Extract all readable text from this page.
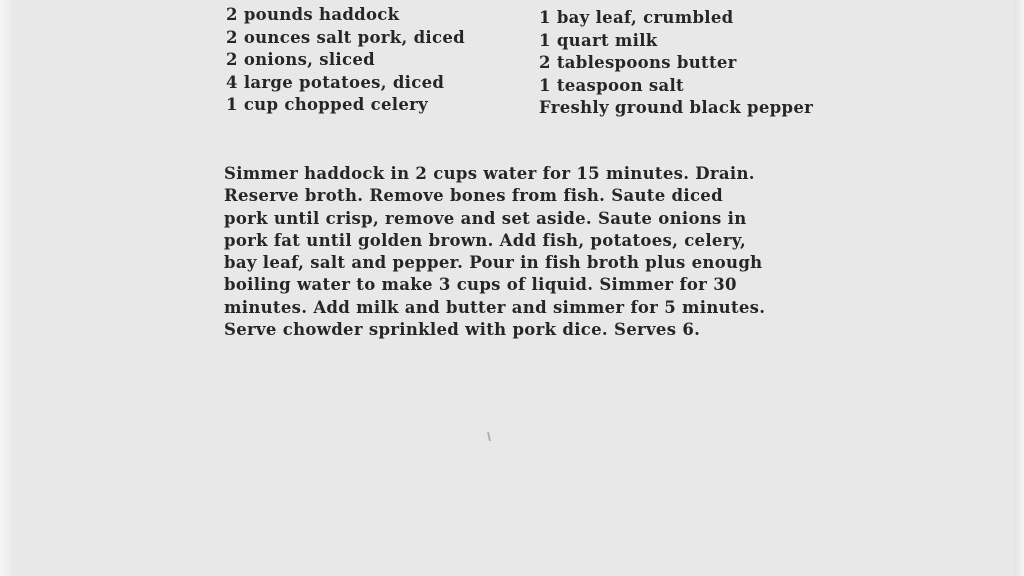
2 pounds haddock
2 ounces salt pork, diced
2 onions, sliced
4 large potatoes, diced
1 cup chopped celery
1 bay leaf, crumbled
1 quart milk
2 tablespoons butter
1 teaspoon salt
Freshly ground black pepper
Simmer haddock in 2 cups water for 15 minutes. Drain.
Reserve broth. Remove bones from fish. Saute diced
pork until crisp, remove and set aside. Saute onions in
pork fat until golden brown. Add fish, potatoes, celery,
bay leaf, salt and pepper. Pour in fish broth plus enough
boiling water to make 3 cups of liquid. Simmer for 30
minutes. Add milk and butter and simmer for 5 minutes.
Serve chowder sprinkled with pork dice. Serves 6.
